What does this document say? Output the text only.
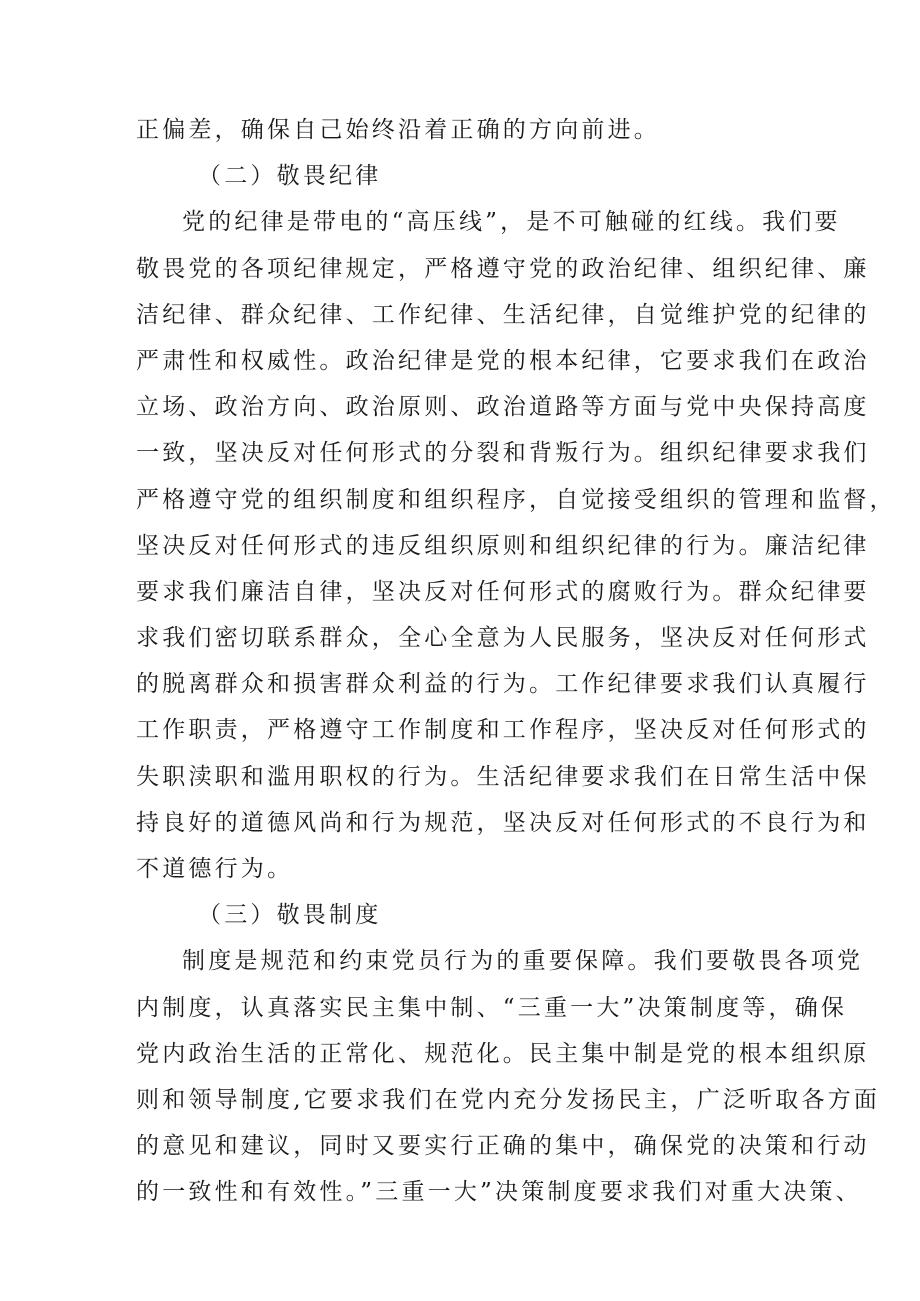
正偏差，确保自己始终沿着正确的方向前进。
（二）敬畏纪律
党的纪律是带电的“高压线”，是不可触碰的红线。我们要
敬畏党的各项纪律规定，严格遵守党的政治纪律、组织纪律、廉
洁纪律、群众纪律、工作纪律、生活纪律，自觉维护党的纪律的
严肃性和权威性。政治纪律是党的根本纪律，它要求我们在政治
立场、政治方向、政治原则、政治道路等方面与党中央保持高度
一致，坚决反对任何形式的分裂和背叛行为。组织纪律要求我们
严格遵守党的组织制度和组织程序，自觉接受组织的管理和监督，
坚决反对任何形式的违反组织原则和组织纪律的行为。廉洁纪律
要求我们廉洁自律，坚决反对任何形式的腐败行为。群众纪律要
求我们密切联系群众，全心全意为人民服务，坚决反对任何形式
的脱离群众和损害群众利益的行为。工作纪律要求我们认真履行
工作职责，严格遵守工作制度和工作程序，坚决反对任何形式的
失职渎职和滥用职权的行为。生活纪律要求我们在日常生活中保
持良好的道德风尚和行为规范，坚决反对任何形式的不良行为和
不道德行为。
（三）敬畏制度
制度是规范和约束党员行为的重要保障。我们要敬畏各项党
内制度，认真落实民主集中制、“三重一大”决策制度等，确保
党内政治生活的正常化、规范化。民主集中制是党的根本组织原
则和领导制度,它要求我们在党内充分发扬民主，广泛听取各方面
的意见和建议，同时又要实行正确的集中，确保党的决策和行动
的一致性和有效性。”三重一大”决策制度要求我们对重大决策、
